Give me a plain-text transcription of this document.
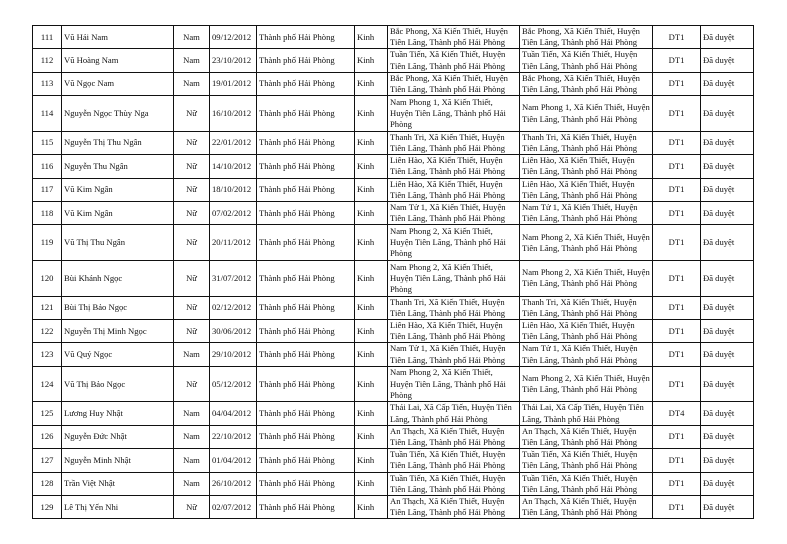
111	Vũ Hải Nam	Nam	09/12/2012	Thành phố Hải Phòng	Kinh	Bắc Phong, Xã Kiến Thiết, Huyện Tiên Lãng, Thành phố Hải Phòng	Bắc Phong, Xã Kiến Thiết, Huyện Tiên Lãng, Thành phố Hải Phòng	DT1	Đã duyệt
112	Vũ Hoàng Nam	Nam	23/10/2012	Thành phố Hải Phòng	Kinh	Tuần Tiến, Xã Kiến Thiết, Huyện Tiên Lãng, Thành phố Hải Phòng	Tuần Tiến, Xã Kiến Thiết, Huyện Tiên Lãng, Thành phố Hải Phòng	DT1	Đã duyệt
113	Vũ Ngọc Nam	Nam	19/01/2012	Thành phố Hải Phòng	Kinh	Bắc Phong, Xã Kiến Thiết, Huyện Tiên Lãng, Thành phố Hải Phòng	Bắc Phong, Xã Kiến Thiết, Huyện Tiên Lãng, Thành phố Hải Phòng	DT1	Đã duyệt
114	Nguyễn Ngọc Thùy Nga	Nữ	16/10/2012	Thành phố Hải Phòng	Kinh	Nam Phong 1, Xã Kiến Thiết, Huyện Tiên Lãng, Thành phố Hải Phòng	Nam Phong 1, Xã Kiến Thiết, Huyện Tiên Lãng, Thành phố Hải Phòng	DT1	Đã duyệt
115	Nguyễn Thị Thu Ngân	Nữ	22/01/2012	Thành phố Hải Phòng	Kinh	Thanh Tri, Xã Kiến Thiết, Huyện Tiên Lãng, Thành phố Hải Phòng	Thanh Tri, Xã Kiến Thiết, Huyện Tiên Lãng, Thành phố Hải Phòng	DT1	Đã duyệt
116	Nguyễn Thu Ngân	Nữ	14/10/2012	Thành phố Hải Phòng	Kinh	Liên Hào, Xã Kiến Thiết, Huyện Tiên Lãng, Thành phố Hải Phòng	Liên Hào, Xã Kiến Thiết, Huyện Tiên Lãng, Thành phố Hải Phòng	DT1	Đã duyệt
117	Vũ Kim Ngân	Nữ	18/10/2012	Thành phố Hải Phòng	Kinh	Liên Hào, Xã Kiến Thiết, Huyện Tiên Lãng, Thành phố Hải Phòng	Liên Hào, Xã Kiến Thiết, Huyện Tiên Lãng, Thành phố Hải Phòng	DT1	Đã duyệt
118	Vũ Kim Ngân	Nữ	07/02/2012	Thành phố Hải Phòng	Kinh	Nam Tử 1, Xã Kiến Thiết, Huyện Tiên Lãng, Thành phố Hải Phòng	Nam Tử 1, Xã Kiến Thiết, Huyện Tiên Lãng, Thành phố Hải Phòng	DT1	Đã duyệt
119	Vũ Thị Thu Ngân	Nữ	20/11/2012	Thành phố Hải Phòng	Kinh	Nam Phong 2, Xã Kiến Thiết, Huyện Tiên Lãng, Thành phố Hải Phòng	Nam Phong 2, Xã Kiến Thiết, Huyện Tiên Lãng, Thành phố Hải Phòng	DT1	Đã duyệt
120	Bùi Khánh Ngọc	Nữ	31/07/2012	Thành phố Hải Phòng	Kinh	Nam Phong 2, Xã Kiến Thiết, Huyện Tiên Lãng, Thành phố Hải Phòng	Nam Phong 2, Xã Kiến Thiết, Huyện Tiên Lãng, Thành phố Hải Phòng	DT1	Đã duyệt
121	Bùi Thị Bảo Ngọc	Nữ	02/12/2012	Thành phố Hải Phòng	Kinh	Thanh Tri, Xã Kiến Thiết, Huyện Tiên Lãng, Thành phố Hải Phòng	Thanh Tri, Xã Kiến Thiết, Huyện Tiên Lãng, Thành phố Hải Phòng	DT1	Đã duyệt
122	Nguyễn Thị Minh Ngọc	Nữ	30/06/2012	Thành phố Hải Phòng	Kinh	Liên Hào, Xã Kiến Thiết, Huyện Tiên Lãng, Thành phố Hải Phòng	Liên Hào, Xã Kiến Thiết, Huyện Tiên Lãng, Thành phố Hải Phòng	DT1	Đã duyệt
123	Vũ Quý Ngọc	Nam	29/10/2012	Thành phố Hải Phòng	Kinh	Nam Tử 1, Xã Kiến Thiết, Huyện Tiên Lãng, Thành phố Hải Phòng	Nam Tử 1, Xã Kiến Thiết, Huyện Tiên Lãng, Thành phố Hải Phòng	DT1	Đã duyệt
124	Vũ Thị Bảo Ngọc	Nữ	05/12/2012	Thành phố Hải Phòng	Kinh	Nam Phong 2, Xã Kiến Thiết, Huyện Tiên Lãng, Thành phố Hải Phòng	Nam Phong 2, Xã Kiến Thiết, Huyện Tiên Lãng, Thành phố Hải Phòng	DT1	Đã duyệt
125	Lương Huy Nhật	Nam	04/04/2012	Thành phố Hải Phòng	Kinh	Thái Lai, Xã Cấp Tiến, Huyện Tiên Lãng, Thành phố Hải Phòng	Thái Lai, Xã Cấp Tiến, Huyện Tiên Lãng, Thành phố Hải Phòng	DT4	Đã duyệt
126	Nguyễn Đức Nhật	Nam	22/10/2012	Thành phố Hải Phòng	Kinh	An Thạch, Xã Kiến Thiết, Huyện Tiên Lãng, Thành phố Hải Phòng	An Thạch, Xã Kiến Thiết, Huyện Tiên Lãng, Thành phố Hải Phòng	DT1	Đã duyệt
127	Nguyễn Minh Nhật	Nam	01/04/2012	Thành phố Hải Phòng	Kinh	Tuần Tiến, Xã Kiến Thiết, Huyện Tiên Lãng, Thành phố Hải Phòng	Tuần Tiến, Xã Kiến Thiết, Huyện Tiên Lãng, Thành phố Hải Phòng	DT1	Đã duyệt
128	Trần Việt Nhật	Nam	26/10/2012	Thành phố Hải Phòng	Kinh	Tuần Tiến, Xã Kiến Thiết, Huyện Tiên Lãng, Thành phố Hải Phòng	Tuần Tiến, Xã Kiến Thiết, Huyện Tiên Lãng, Thành phố Hải Phòng	DT1	Đã duyệt
129	Lê Thị Yến Nhi	Nữ	02/07/2012	Thành phố Hải Phòng	Kinh	An Thạch, Xã Kiến Thiết, Huyện Tiên Lãng, Thành phố Hải Phòng	An Thạch, Xã Kiến Thiết, Huyện Tiên Lãng, Thành phố Hải Phòng	DT1	Đã duyệt
